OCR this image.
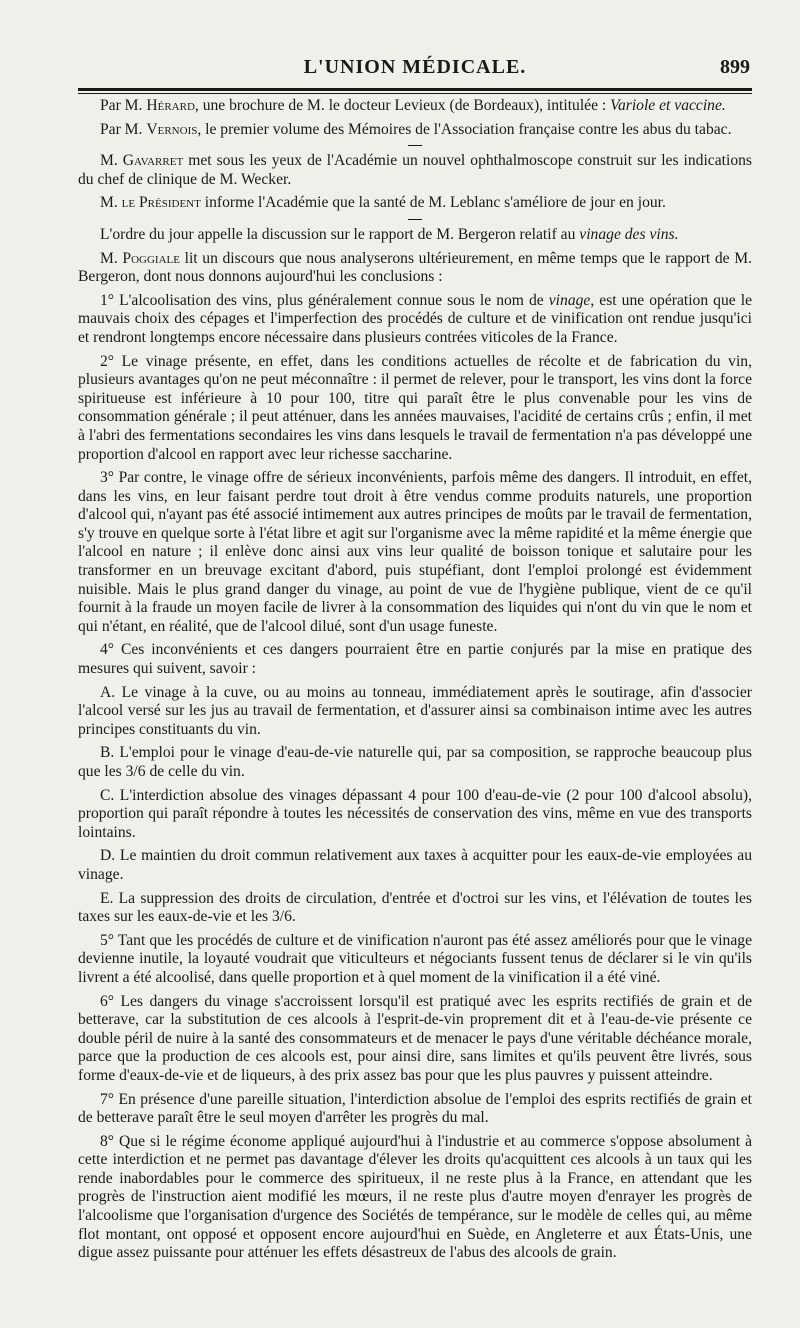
L'UNION MÉDICALE.	899

Par M. Hérard, une brochure de M. le docteur Levieux (de Bordeaux), intitulée : Variole et vaccine.

Par M. Vernois, le premier volume des Mémoires de l'Association française contre les abus du tabac.

M. Gavarret met sous les yeux de l'Académie un nouvel ophthalmoscope construit sur les indications du chef de clinique de M. Wecker.

M. le Président informe l'Académie que la santé de M. Leblanc s'améliore de jour en jour.

L'ordre du jour appelle la discussion sur le rapport de M. Bergeron relatif au vinage des vins.

M. Poggiale lit un discours que nous analyserons ultérieurement, en même temps que le rapport de M. Bergeron, dont nous donnons aujourd'hui les conclusions :

1° L'alcoolisation des vins, plus généralement connue sous le nom de vinage, est une opération que le mauvais choix des cépages et l'imperfection des procédés de culture et de vinification ont rendue jusqu'ici et rendront longtemps encore nécessaire dans plusieurs contrées viticoles de la France.

2° Le vinage présente, en effet, dans les conditions actuelles de récolte et de fabrication du vin, plusieurs avantages qu'on ne peut méconnaître : il permet de relever, pour le transport, les vins dont la force spiritueuse est inférieure à 10 pour 100, titre qui paraît être le plus convenable pour les vins de consommation générale ; il peut atténuer, dans les années mauvaises, l'acidité de certains crûs ; enfin, il met à l'abri des fermentations secondaires les vins dans lesquels le travail de fermentation n'a pas développé une proportion d'alcool en rapport avec leur richesse saccharine.

3° Par contre, le vinage offre de sérieux inconvénients, parfois même des dangers. Il introduit, en effet, dans les vins, en leur faisant perdre tout droit à être vendus comme produits naturels, une proportion d'alcool qui, n'ayant pas été associé intimement aux autres principes de moûts par le travail de fermentation, s'y trouve en quelque sorte à l'état libre et agit sur l'organisme avec la même rapidité et la même énergie que l'alcool en nature ; il enlève donc ainsi aux vins leur qualité de boisson tonique et salutaire pour les transformer en un breuvage excitant d'abord, puis stupéfiant, dont l'emploi prolongé est évidemment nuisible. Mais le plus grand danger du vinage, au point de vue de l'hygiène publique, vient de ce qu'il fournit à la fraude un moyen facile de livrer à la consommation des liquides qui n'ont du vin que le nom et qui n'étant, en réalité, que de l'alcool dilué, sont d'un usage funeste.

4° Ces inconvénients et ces dangers pourraient être en partie conjurés par la mise en pratique des mesures qui suivent, savoir :

A. Le vinage à la cuve, ou au moins au tonneau, immédiatement après le soutirage, afin d'associer l'alcool versé sur les jus au travail de fermentation, et d'assurer ainsi sa combinaison intime avec les autres principes constituants du vin.

B. L'emploi pour le vinage d'eau-de-vie naturelle qui, par sa composition, se rapproche beaucoup plus que les 3/6 de celle du vin.

C. L'interdiction absolue des vinages dépassant 4 pour 100 d'eau-de-vie (2 pour 100 d'alcool absolu), proportion qui paraît répondre à toutes les nécessités de conservation des vins, même en vue des transports lointains.

D. Le maintien du droit commun relativement aux taxes à acquitter pour les eaux-de-vie employées au vinage.

E. La suppression des droits de circulation, d'entrée et d'octroi sur les vins, et l'élévation de toutes les taxes sur les eaux-de-vie et les 3/6.

5° Tant que les procédés de culture et de vinification n'auront pas été assez améliorés pour que le vinage devienne inutile, la loyauté voudrait que viticulteurs et négociants fussent tenus de déclarer si le vin qu'ils livrent a été alcoolisé, dans quelle proportion et à quel moment de la vinification il a été viné.

6° Les dangers du vinage s'accroissent lorsqu'il est pratiqué avec les esprits rectifiés de grain et de betterave, car la substitution de ces alcools à l'esprit-de-vin proprement dit et à l'eau-de-vie présente ce double péril de nuire à la santé des consommateurs et de menacer le pays d'une véritable déchéance morale, parce que la production de ces alcools est, pour ainsi dire, sans limites et qu'ils peuvent être livrés, sous forme d'eaux-de-vie et de liqueurs, à des prix assez bas pour que les plus pauvres y puissent atteindre.

7° En présence d'une pareille situation, l'interdiction absolue de l'emploi des esprits rectifiés de grain et de betterave paraît être le seul moyen d'arrêter les progrès du mal.

8° Que si le régime économe appliqué aujourd'hui à l'industrie et au commerce s'oppose absolument à cette interdiction et ne permet pas davantage d'élever les droits qu'acquittent ces alcools à un taux qui les rende inabordables pour le commerce des spiritueux, il ne reste plus à la France, en attendant que les progrès de l'instruction aient modifié les mœurs, il ne reste plus d'autre moyen d'enrayer les progrès de l'alcoolisme que l'organisation d'urgence des Sociétés de tempérance, sur le modèle de celles qui, au même flot montant, ont opposé et opposent encore aujourd'hui en Suède, en Angleterre et aux États-Unis, une digue assez puissante pour atténuer les effets désastreux de l'abus des alcools de grain.
